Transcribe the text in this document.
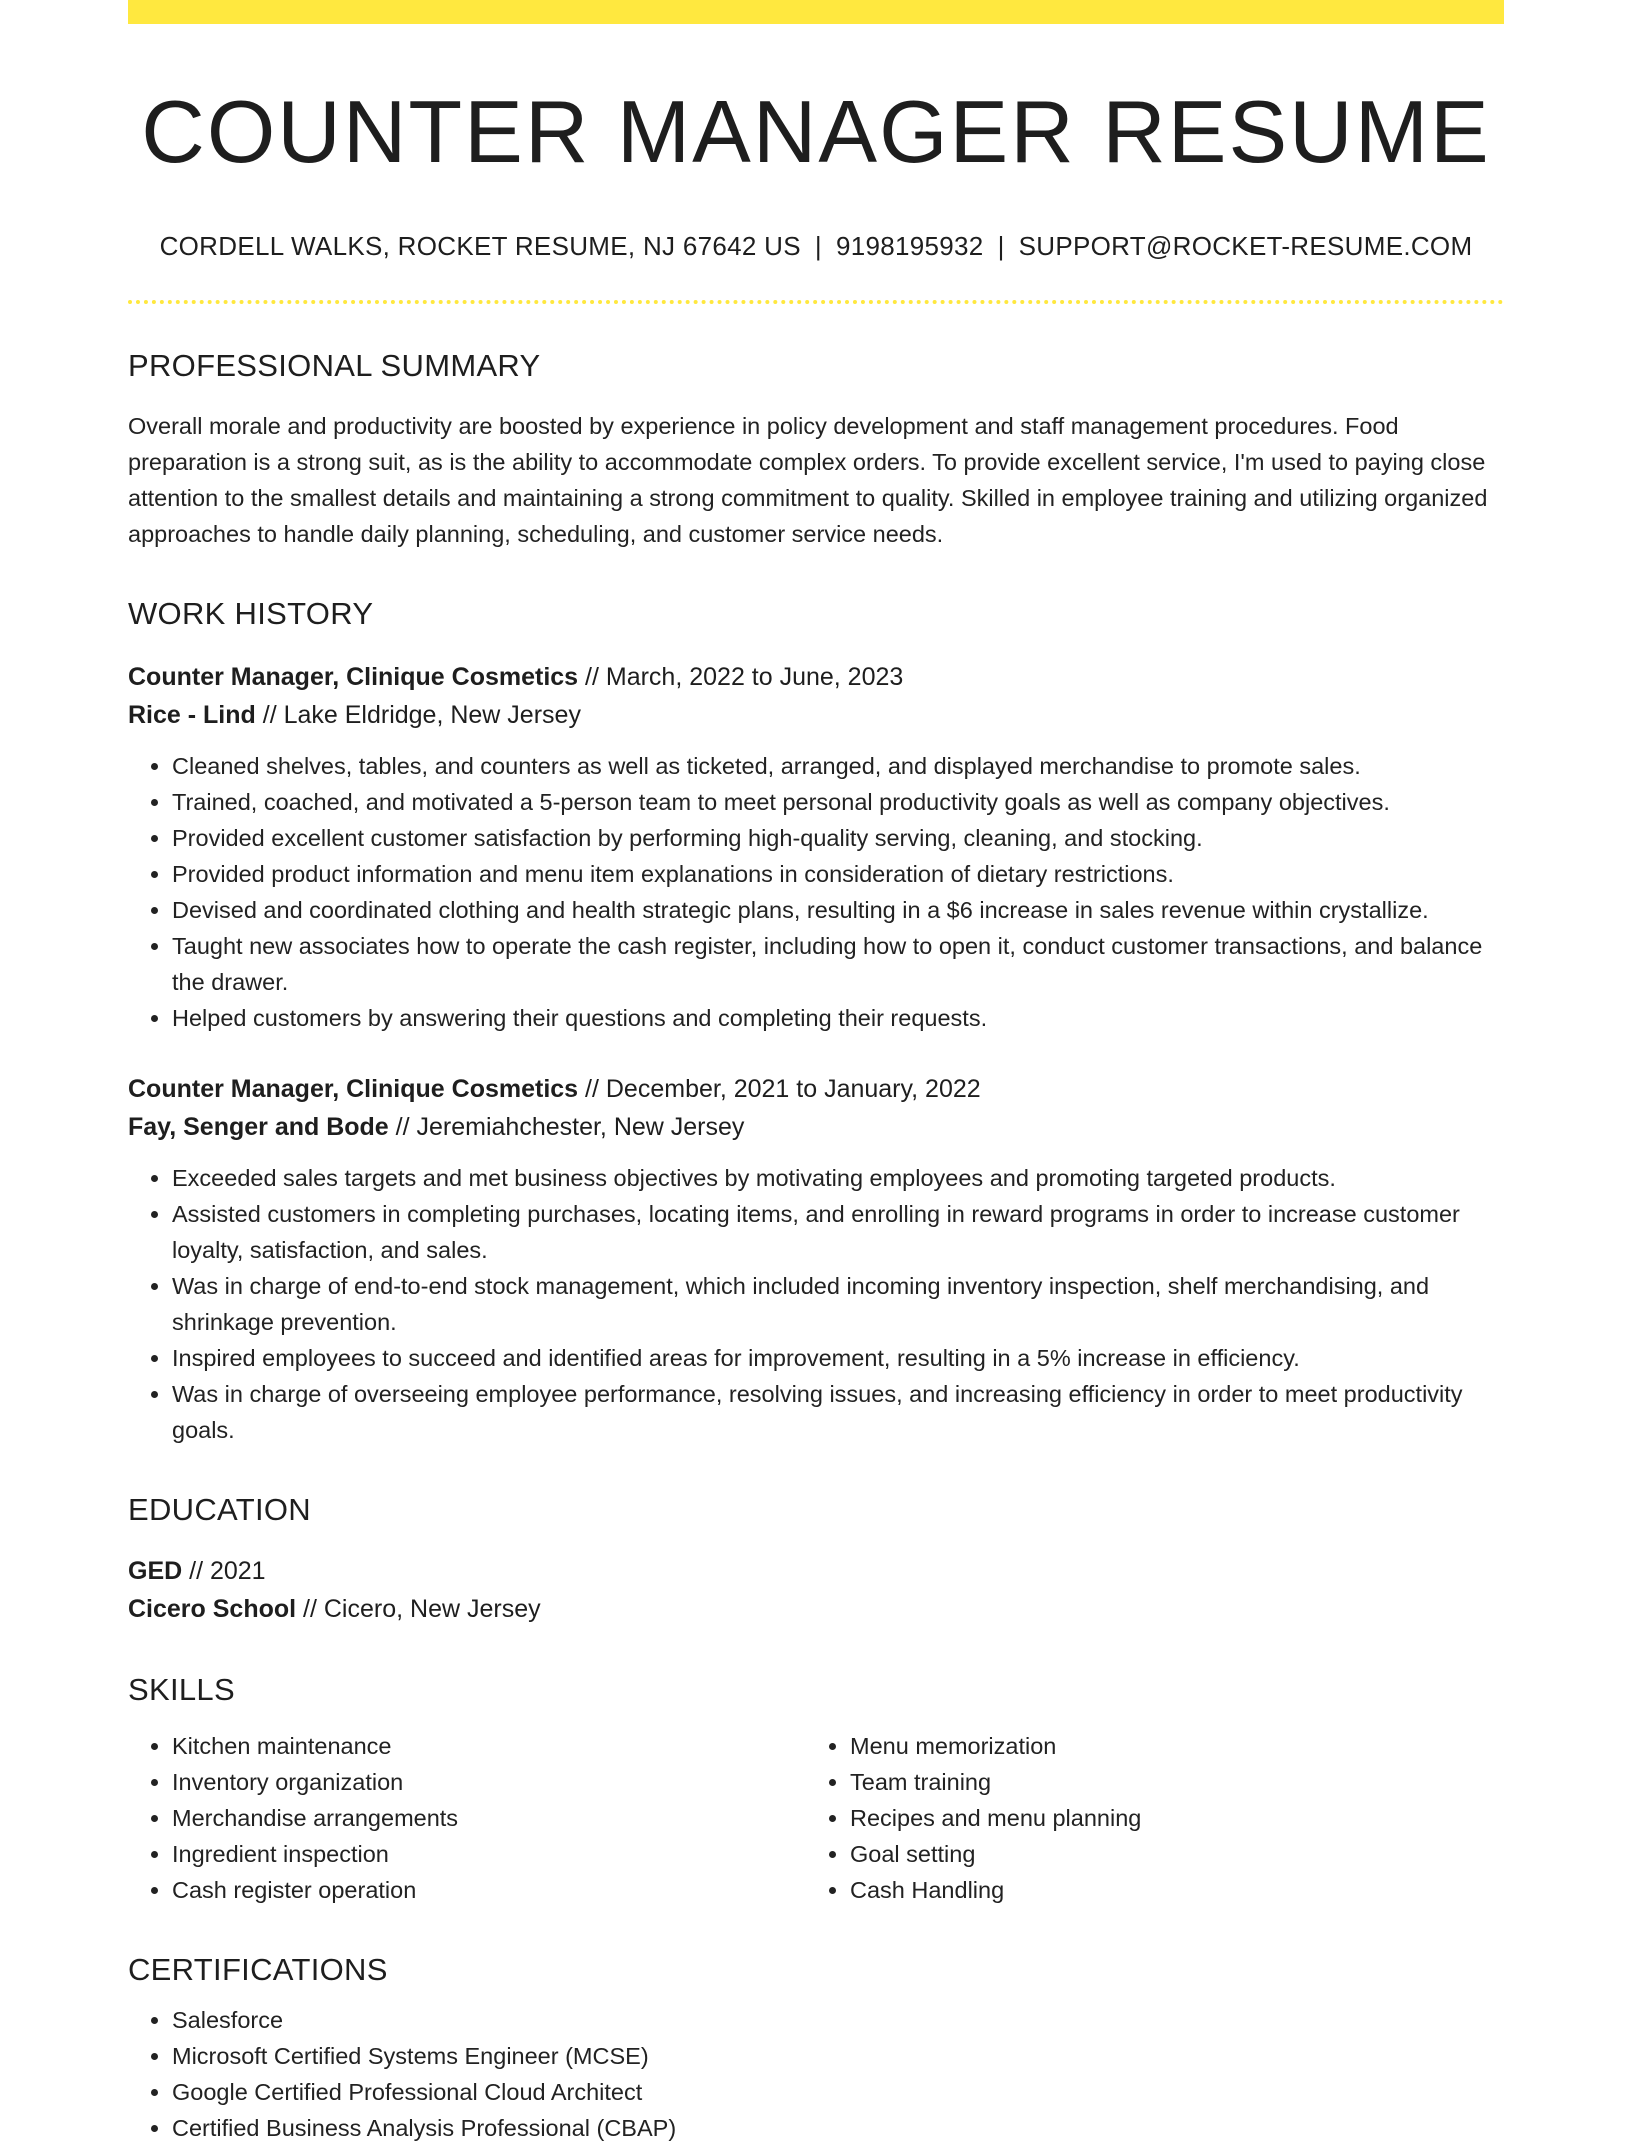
COUNTER MANAGER RESUME
CORDELL WALKS, ROCKET RESUME, NJ 67642 US | 9198195932 | SUPPORT@ROCKET-RESUME.COM
PROFESSIONAL SUMMARY

Overall morale and productivity are boosted by experience in policy development and staff management procedures. Food preparation is a strong suit, as is the ability to accommodate complex orders. To provide excellent service, I'm used to paying close attention to the smallest details and maintaining a strong commitment to quality. Skilled in employee training and utilizing organized approaches to handle daily planning, scheduling, and customer service needs.

WORK HISTORY
Counter Manager, Clinique Cosmetics // March, 2022 to June, 2023
Rice - Lind // Lake Eldridge, New Jersey
• Cleaned shelves, tables, and counters as well as ticketed, arranged, and displayed merchandise to promote sales.
• Trained, coached, and motivated a 5-person team to meet personal productivity goals as well as company objectives.
• Provided excellent customer satisfaction by performing high-quality serving, cleaning, and stocking.
• Provided product information and menu item explanations in consideration of dietary restrictions.
• Devised and coordinated clothing and health strategic plans, resulting in a $6 increase in sales revenue within crystallize.
• Taught new associates how to operate the cash register, including how to open it, conduct customer transactions, and balance the drawer.
• Helped customers by answering their questions and completing their requests.
Counter Manager, Clinique Cosmetics // December, 2021 to January, 2022
Fay, Senger and Bode // Jeremiahchester, New Jersey
• Exceeded sales targets and met business objectives by motivating employees and promoting targeted products.
• Assisted customers in completing purchases, locating items, and enrolling in reward programs in order to increase customer loyalty, satisfaction, and sales.
• Was in charge of end-to-end stock management, which included incoming inventory inspection, shelf merchandising, and shrinkage prevention.
• Inspired employees to succeed and identified areas for improvement, resulting in a 5% increase in efficiency.
• Was in charge of overseeing employee performance, resolving issues, and increasing efficiency in order to meet productivity goals.
EDUCATION
GED // 2021
Cicero School // Cicero, New Jersey
SKILLS
• Kitchen maintenance
• Inventory organization
• Merchandise arrangements
• Ingredient inspection
• Cash register operation
• Menu memorization
• Team training
• Recipes and menu planning
• Goal setting
• Cash Handling
CERTIFICATIONS
• Salesforce
• Microsoft Certified Systems Engineer (MCSE)
• Google Certified Professional Cloud Architect
• Certified Business Analysis Professional (CBAP)
